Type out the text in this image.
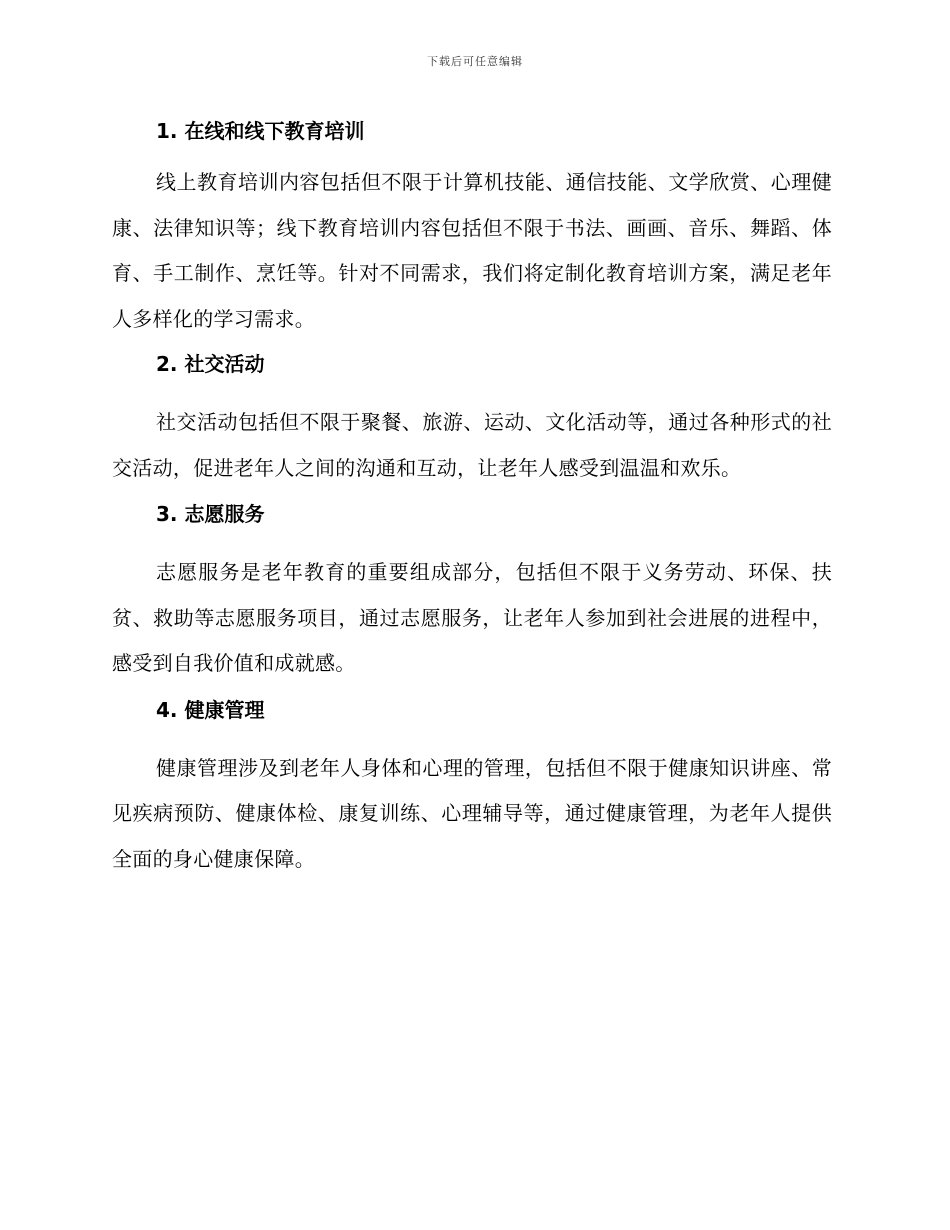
下载后可任意编辑
1. 在线和线下教育培训

线上教育培训内容包括但不限于计算机技能、通信技能、文学欣赏、心理健康、法律知识等；线下教育培训内容包括但不限于书法、画画、音乐、舞蹈、体育、手工制作、烹饪等。针对不同需求，我们将定制化教育培训方案，满足老年人多样化的学习需求。

2. 社交活动

社交活动包括但不限于聚餐、旅游、运动、文化活动等，通过各种形式的社交活动，促进老年人之间的沟通和互动，让老年人感受到温温和欢乐。

3. 志愿服务

志愿服务是老年教育的重要组成部分，包括但不限于义务劳动、环保、扶贫、救助等志愿服务项目，通过志愿服务，让老年人参加到社会进展的进程中，感受到自我价值和成就感。

4. 健康管理

健康管理涉及到老年人身体和心理的管理，包括但不限于健康知识讲座、常见疾病预防、健康体检、康复训练、心理辅导等，通过健康管理，为老年人提供全面的身心健康保障。
